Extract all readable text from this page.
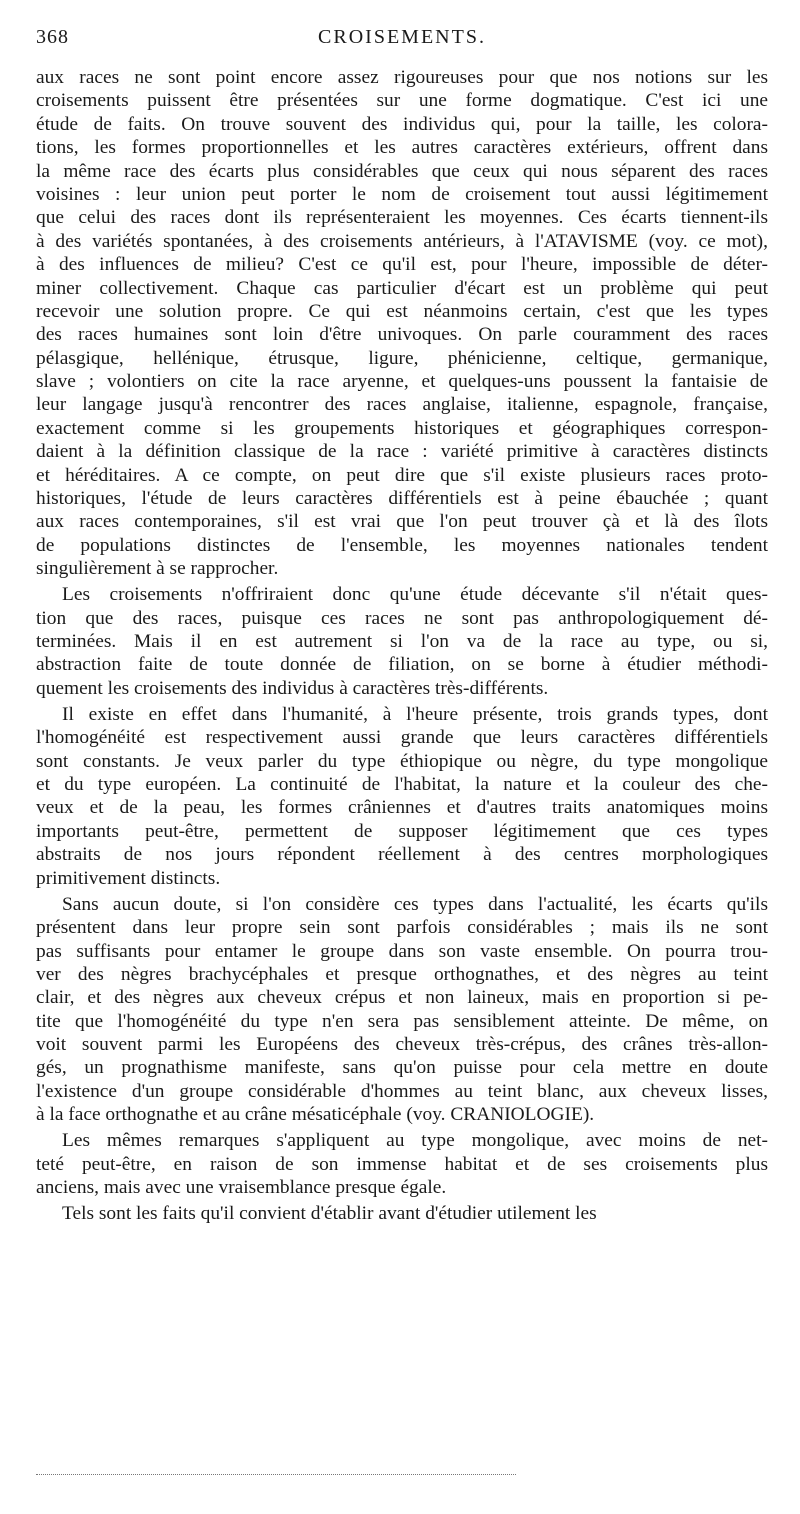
368	CROISEMENTS.
aux races ne sont point encore assez rigoureuses pour que nos notions sur les
croisements puissent être présentées sur une forme dogmatique. C'est ici une
étude de faits. On trouve souvent des individus qui, pour la taille, les colora-
tions, les formes proportionnelles et les autres caractères extérieurs, offrent dans
la même race des écarts plus considérables que ceux qui nous séparent des races
voisines : leur union peut porter le nom de croisement tout aussi légitimement
que celui des races dont ils représenteraient les moyennes. Ces écarts tiennent-ils
à des variétés spontanées, à des croisements antérieurs, à l'ATAVISME (voy. ce mot),
à des influences de milieu? C'est ce qu'il est, pour l'heure, impossible de déter-
miner collectivement. Chaque cas particulier d'écart est un problème qui peut
recevoir une solution propre. Ce qui est néanmoins certain, c'est que les types
des races humaines sont loin d'être univoques. On parle couramment des races
pélasgique, hellénique, étrusque, ligure, phénicienne, celtique, germanique,
slave ; volontiers on cite la race aryenne, et quelques-uns poussent la fantaisie de
leur langage jusqu'à rencontrer des races anglaise, italienne, espagnole, française,
exactement comme si les groupements historiques et géographiques correspon-
daient à la définition classique de la race : variété primitive à caractères distincts
et héréditaires. A ce compte, on peut dire que s'il existe plusieurs races proto-
historiques, l'étude de leurs caractères différentiels est à peine ébauchée ; quant
aux races contemporaines, s'il est vrai que l'on peut trouver çà et là des îlots
de populations distinctes de l'ensemble, les moyennes nationales tendent
singulièrement à se rapprocher.
Les croisements n'offriraient donc qu'une étude décevante s'il n'était ques-
tion que des races, puisque ces races ne sont pas anthropologiquement dé-
terminées. Mais il en est autrement si l'on va de la race au type, ou si,
abstraction faite de toute donnée de filiation, on se borne à étudier méthodi-
quement les croisements des individus à caractères très-différents.
Il existe en effet dans l'humanité, à l'heure présente, trois grands types, dont
l'homogénéité est respectivement aussi grande que leurs caractères différentiels
sont constants. Je veux parler du type éthiopique ou nègre, du type mongolique
et du type européen. La continuité de l'habitat, la nature et la couleur des che-
veux et de la peau, les formes crâniennes et d'autres traits anatomiques moins
importants peut-être, permettent de supposer légitimement que ces types
abstraits de nos jours répondent réellement à des centres morphologiques
primitivement distincts.
Sans aucun doute, si l'on considère ces types dans l'actualité, les écarts qu'ils
présentent dans leur propre sein sont parfois considérables ; mais ils ne sont
pas suffisants pour entamer le groupe dans son vaste ensemble. On pourra trou-
ver des nègres brachycéphales et presque orthognathes, et des nègres au teint
clair, et des nègres aux cheveux crépus et non laineux, mais en proportion si pe-
tite que l'homogénéité du type n'en sera pas sensiblement atteinte. De même, on
voit souvent parmi les Européens des cheveux très-crépus, des crânes très-allon-
gés, un prognathisme manifeste, sans qu'on puisse pour cela mettre en doute
l'existence d'un groupe considérable d'hommes au teint blanc, aux cheveux lisses,
à la face orthognathe et au crâne mésaticéphale (voy. CRANIOLOGIE).
Les mêmes remarques s'appliquent au type mongolique, avec moins de net-
teté peut-être, en raison de son immense habitat et de ses croisements plus
anciens, mais avec une vraisemblance presque égale.
Tels sont les faits qu'il convient d'établir avant d'étudier utilement les
